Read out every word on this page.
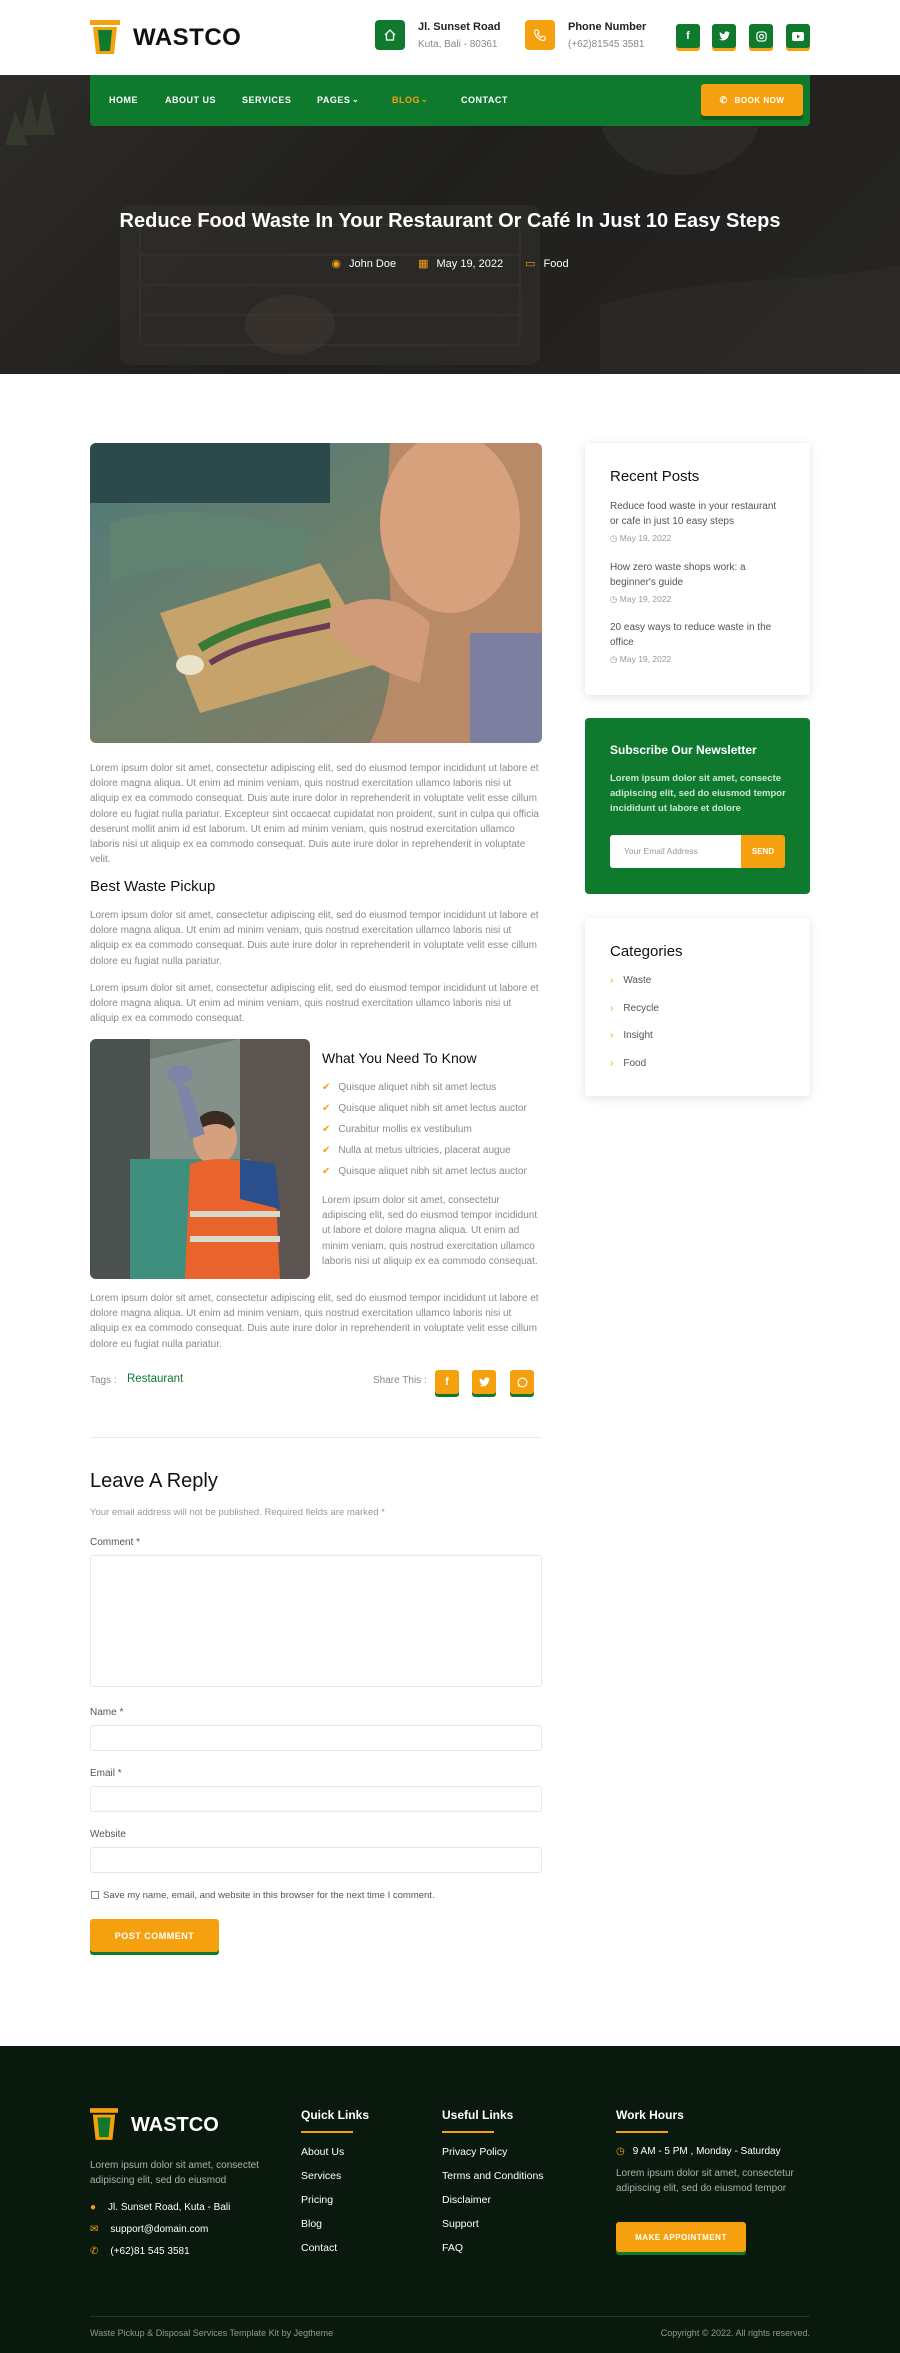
WASTCO	Jl. Sunset Road
Kuta, Bali - 80361
Phone Number
(+62)81545 3581
f
HOME	ABOUT US	SERVICES	PAGES ⌄	BLOG ⌄	CONTACT	✆ BOOK NOW
Reduce Food Waste In Your Restaurant Or Café In Just 10 Easy Steps
◉ John Doe ▦ May 19, 2022 ▭ Food
Lorem ipsum dolor sit amet, consectetur adipiscing elit, sed do eiusmod tempor incididunt ut labore et dolore magna aliqua. Ut enim ad minim veniam, quis nostrud exercitation ullamco laboris nisi ut aliquip ex ea commodo consequat. Duis aute irure dolor in reprehenderit in voluptate velit esse cillum dolore eu fugiat nulla pariatur. Excepteur sint occaecat cupidatat non proident, sunt in culpa qui officia deserunt mollit anim id est laborum. Ut enim ad minim veniam, quis nostrud exercitation ullamco laboris nisi ut aliquip ex ea commodo consequat. Duis aute irure dolor in reprehenderit in voluptate velit.
Best Waste Pickup
Lorem ipsum dolor sit amet, consectetur adipiscing elit, sed do eiusmod tempor incididunt ut labore et dolore magna aliqua. Ut enim ad minim veniam, quis nostrud exercitation ullamco laboris nisi ut aliquip ex ea commodo consequat. Duis aute irure dolor in reprehenderit in voluptate velit esse cillum dolore eu fugiat nulla pariatur.
Lorem ipsum dolor sit amet, consectetur adipiscing elit, sed do eiusmod tempor incididunt ut labore et dolore magna aliqua. Ut enim ad minim veniam, quis nostrud exercitation ullamco laboris nisi ut aliquip ex ea commodo consequat.
What You Need To Know
✔ Quisque aliquet nibh sit amet lectus
✔ Quisque aliquet nibh sit amet lectus auctor
✔ Curabitur mollis ex vestibulum
✔ Nulla at metus ultricies, placerat augue
✔ Quisque aliquet nibh sit amet lectus auctor
Lorem ipsum dolor sit amet, consectetur adipiscing elit, sed do eiusmod tempor incididunt ut labore et dolore magna aliqua. Ut enim ad minim veniam, quis nostrud exercitation ullamco laboris nisi ut aliquip ex ea commodo consequat.
Lorem ipsum dolor sit amet, consectetur adipiscing elit, sed do eiusmod tempor incididunt ut labore et dolore magna aliqua. Ut enim ad minim veniam, quis nostrud exercitation ullamco laboris nisi ut aliquip ex ea commodo consequat. Duis aute irure dolor in reprehenderit in voluptate velit esse cillum dolore eu fugiat nulla pariatur.
Tags : Restaurant	Share This : f
Leave A Reply
Your email address will not be published. Required fields are marked *
Comment *
Name *
Email *
Website
Save my name, email, and website in this browser for the next time I comment.
POST COMMENT
Recent Posts
Reduce food waste in your restaurant or cafe in just 10 easy steps
◷ May 19, 2022
How zero waste shops work: a beginner's guide
◷ May 19, 2022
20 easy ways to reduce waste in the office
◷ May 19, 2022
Subscribe Our Newsletter
Lorem ipsum dolor sit amet, consecte adipiscing elit, sed do eiusmod tempor incididunt ut labore et dolore
Your Email Address	SEND
Categories
› Waste
› Recycle
› Insight
› Food
WASTCO
Lorem ipsum dolor sit amet, consectet adipiscing elit, sed do eiusmod
● Jl. Sunset Road, Kuta - Bali
✉ support@domain.com
✆ (+62)81 545 3581
Quick Links
About Us
Services
Pricing
Blog
Contact
Useful Links
Privacy Policy
Terms and Conditions
Disclaimer
Support
FAQ
Work Hours
◷ 9 AM - 5 PM , Monday - Saturday
Lorem ipsum dolor sit amet, consectetur adipiscing elit, sed do eiusmod tempor
MAKE APPOINTMENT
Waste Pickup & Disposal Services Template Kit by Jegtheme	Copyright © 2022. All rights reserved.
